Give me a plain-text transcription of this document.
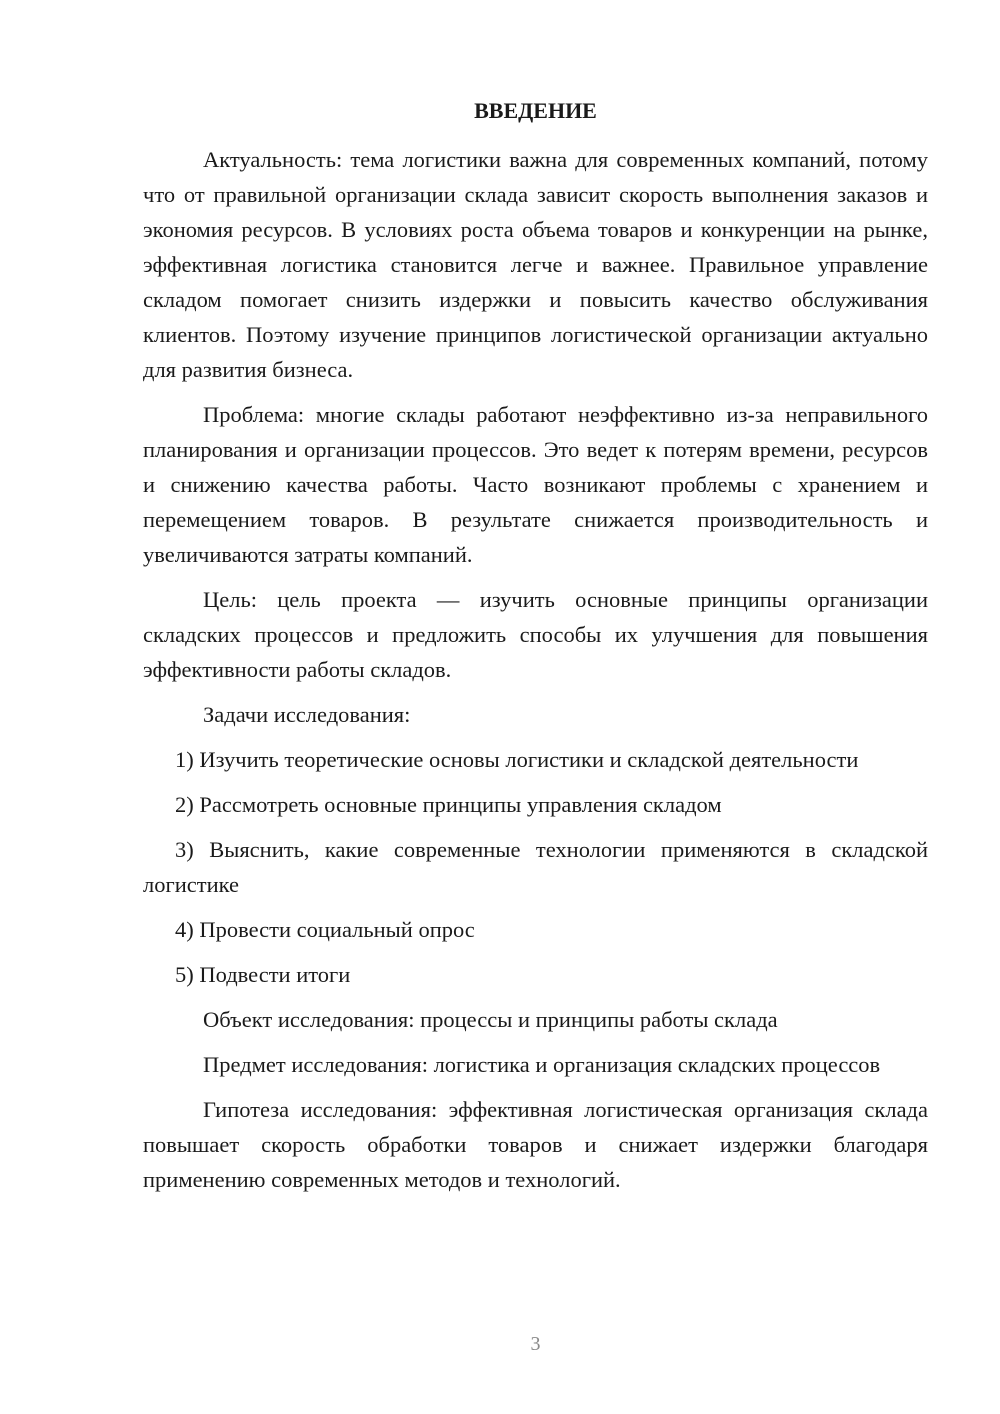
ВВЕДЕНИЕ

Актуальность: тема логистики важна для современных компаний, потому что от правильной организации склада зависит скорость выполнения заказов и экономия ресурсов. В условиях роста объема товаров и конкуренции на рынке, эффективная логистика становится легче и важнее. Правильное управление складом помогает снизить издержки и повысить качество обслуживания клиентов. Поэтому изучение принципов логистической организации актуально для развития бизнеса.

Проблема: многие склады работают неэффективно из-за неправильного планирования и организации процессов. Это ведет к потерям времени, ресурсов и снижению качества работы. Часто возникают проблемы с хранением и перемещением товаров. В результате снижается производительность и увеличиваются затраты компаний.

Цель: цель проекта — изучить основные принципы организации складских процессов и предложить способы их улучшения для повышения эффективности работы складов.

Задачи исследования:

1) Изучить теоретические основы логистики и складской деятельности

2) Рассмотреть основные принципы управления складом

3) Выяснить, какие современные технологии применяются в складской логистике

4) Провести социальный опрос

5) Подвести итоги

Объект исследования: процессы и принципы работы склада

Предмет исследования: логистика и организация складских процессов

Гипотеза исследования: эффективная логистическая организация склада повышает скорость обработки товаров и снижает издержки благодаря применению современных методов и технологий.

3
